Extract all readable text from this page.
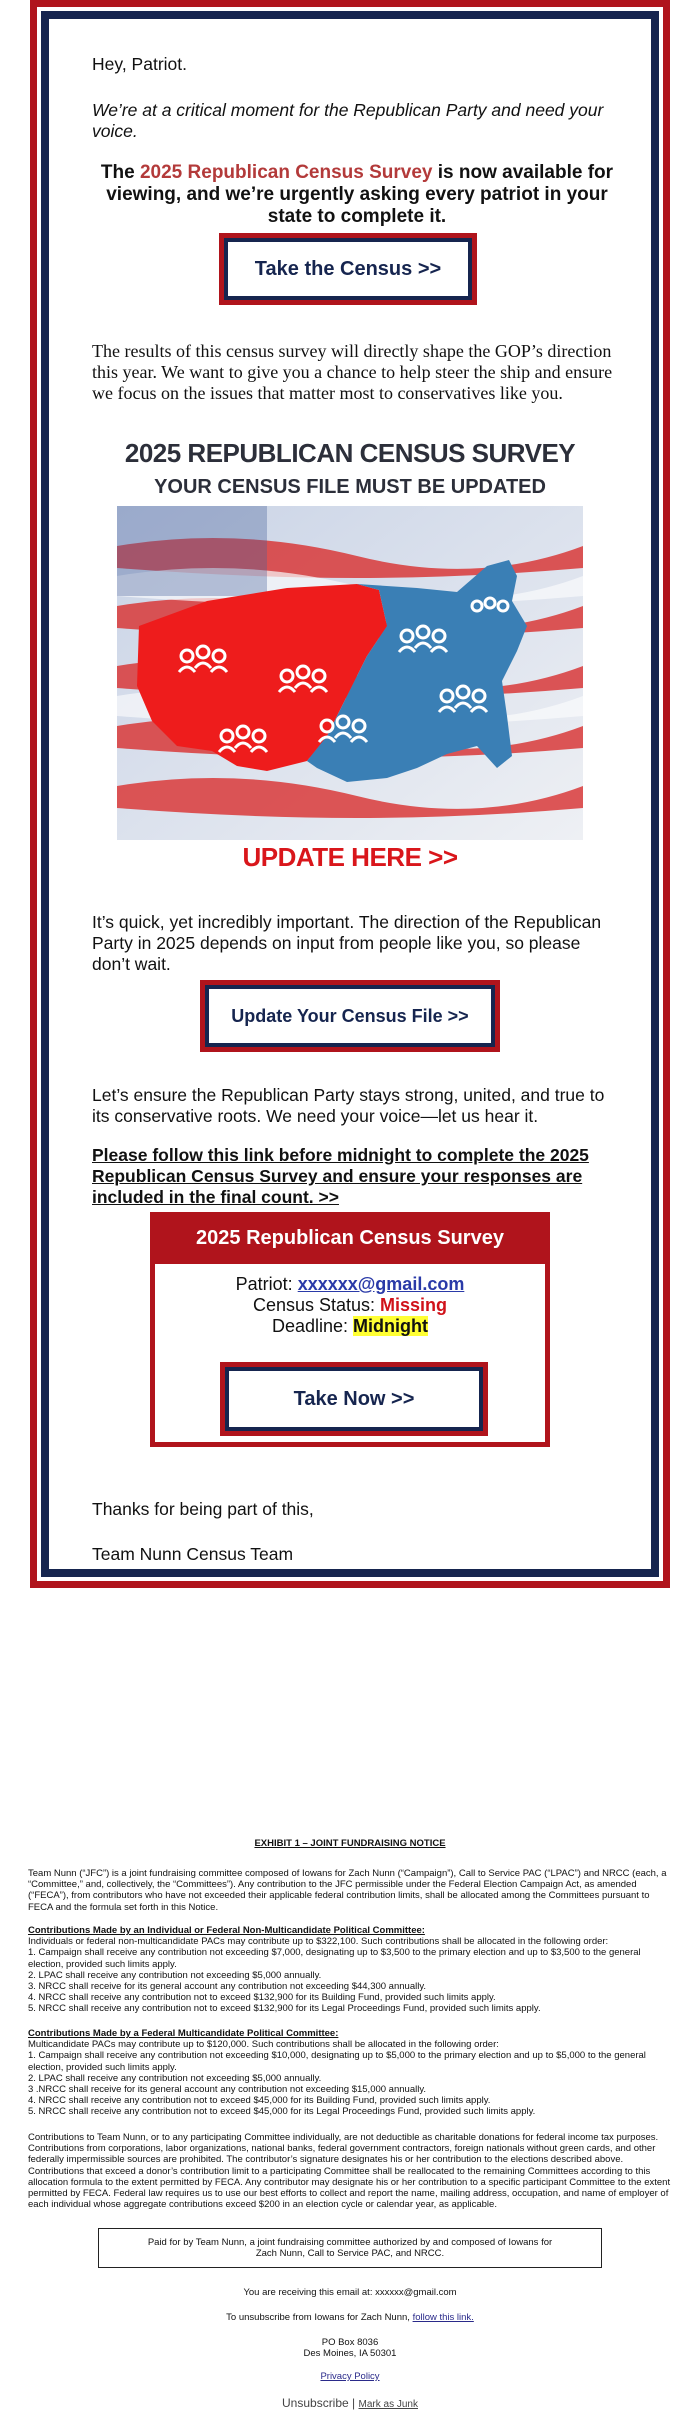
Hey, Patriot.

We’re at a critical moment for the Republican Party and need your voice.

The 2025 Republican Census Survey is now available for viewing, and we’re urgently asking every patriot in your state to complete it.

The results of this census survey will directly shape the GOP’s direction this year. We want to give you a chance to help steer the ship and ensure we focus on the issues that matter most to conservatives like you.

It’s quick, yet incredibly important. The direction of the Republican Party in 2025 depends on input from people like you, so please don’t wait.

Let’s ensure the Republican Party stays strong, united, and true to its conservative roots. We need your voice—let us hear it.

Please follow this link before midnight to complete the 2025 Republican Census Survey and ensure your responses are included in the final count. >>

Thanks for being part of this,

Team Nunn Census Team

Take the Census >>
2025 REPUBLICAN CENSUS SURVEY
YOUR CENSUS FILE MUST BE UPDATED
UPDATE HERE >>
Update Your Census File >>
2025 Republican Census Survey
Patriot: xxxxxx@gmail.com
Census Status: Missing
Deadline: Midnight
Take Now >>
EXHIBIT 1 – JOINT FUNDRAISING NOTICE

Team Nunn (“JFC”) is a joint fundraising committee composed of Iowans for Zach Nunn (“Campaign”), Call to Service PAC (“LPAC”) and NRCC (each, a “Committee,” and, collectively, the “Committees”). Any contribution to the JFC permissible under the Federal Election Campaign Act, as amended (“FECA”), from contributors who have not exceeded their applicable federal contribution limits, shall be allocated among the Committees pursuant to FECA and the formula set forth in this Notice.

Contributions Made by an Individual or Federal Non-Multicandidate Political Committee:
Individuals or federal non-multicandidate PACs may contribute up to $322,100. Such contributions shall be allocated in the following order:
1. Campaign shall receive any contribution not exceeding $7,000, designating up to $3,500 to the primary election and up to $3,500 to the general election, provided such limits apply.
2. LPAC shall receive any contribution not exceeding $5,000 annually.
3. NRCC shall receive for its general account any contribution not exceeding $44,300 annually.
4. NRCC shall receive any contribution not to exceed $132,900 for its Building Fund, provided such limits apply.
5. NRCC shall receive any contribution not to exceed $132,900 for its Legal Proceedings Fund, provided such limits apply.
Contributions Made by a Federal Multicandidate Political Committee:
Multicandidate PACs may contribute up to $120,000. Such contributions shall be allocated in the following order:
1. Campaign shall receive any contribution not exceeding $10,000, designating up to $5,000 to the primary election and up to $5,000 to the general election, provided such limits apply.
2. LPAC shall receive any contribution not exceeding $5,000 annually.
3 .NRCC shall receive for its general account any contribution not exceeding $15,000 annually.
4. NRCC shall receive any contribution not to exceed $45,000 for its Building Fund, provided such limits apply.
5. NRCC shall receive any contribution not to exceed $45,000 for its Legal Proceedings Fund, provided such limits apply.

Contributions to Team Nunn, or to any participating Committee individually, are not deductible as charitable donations for federal income tax purposes. Contributions from corporations, labor organizations, national banks, federal government contractors, foreign nationals without green cards, and other federally impermissible sources are prohibited. The contributor’s signature designates his or her contribution to the elections described above. Contributions that exceed a donor’s contribution limit to a participating Committee shall be reallocated to the remaining Committees according to this allocation formula to the extent permitted by FECA. Any contributor may designate his or her contribution to a specific participant Committee to the extent permitted by FECA. Federal law requires us to use our best efforts to collect and report the name, mailing address, occupation, and name of employer of each individual whose aggregate contributions exceed $200 in an election cycle or calendar year, as applicable.

Paid for by Team Nunn, a joint fundraising committee authorized by and composed of Iowans for Zach Nunn, Call to Service PAC, and NRCC.
You are receiving this email at: xxxxxx@gmail.com
To unsubscribe from Iowans for Zach Nunn, follow this link.
PO Box 8036
Des Moines, IA 50301
Privacy Policy
Unsubscribe | Mark as Junk
